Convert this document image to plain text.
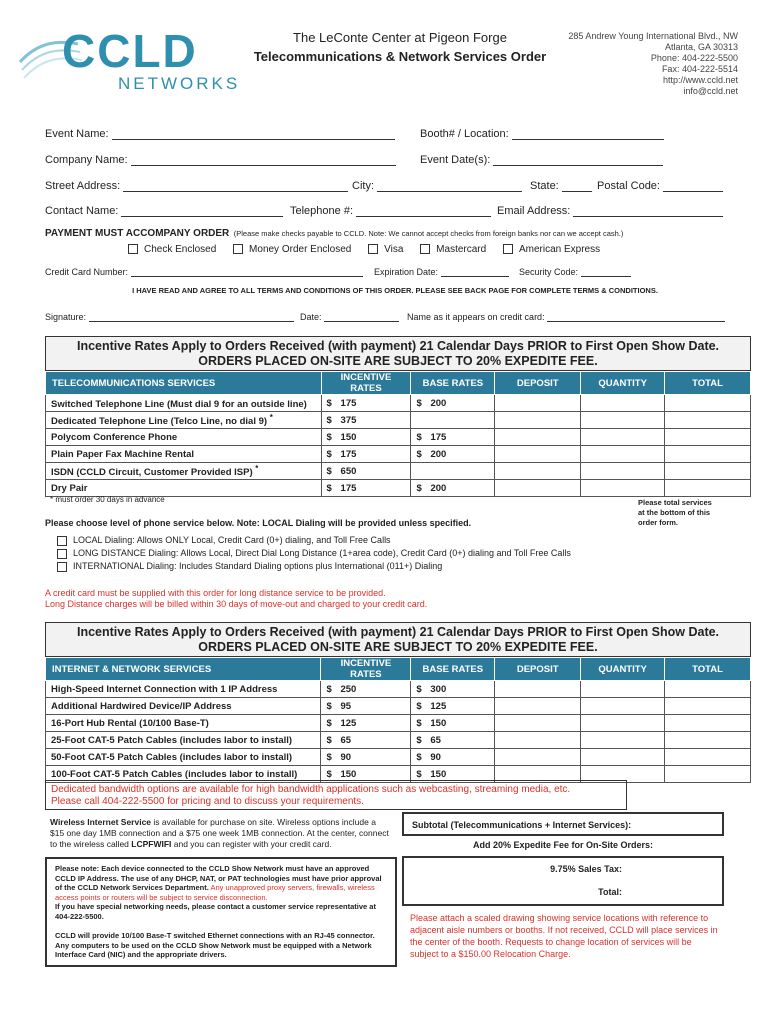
CCLD
NETWORKS
The LeConte Center at Pigeon Forge
Telecommunications & Network Services Order
285 Andrew Young International Blvd., NW
Atlanta, GA 30313
Phone: 404-222-5500
Fax: 404-222-5514
http://www.ccld.net
info@ccld.net
Event Name:	Booth# / Location:
Company Name:	Event Date(s):
Street Address:	City:	State:	Postal Code:
Contact Name:	Telephone #:	Email Address:
PAYMENT MUST ACCOMPANY ORDER (Please make checks payable to CCLD. Note: We cannot accept checks from foreign banks nor can we accept cash.)
Check Enclosed	Money Order Enclosed	Visa	Mastercard	American Express
Credit Card Number:	Expiration Date:	Security Code:
I HAVE READ AND AGREE TO ALL TERMS AND CONDITIONS OF THIS ORDER. PLEASE SEE BACK PAGE FOR COMPLETE TERMS & CONDITIONS.
Signature:	Date:	Name as it appears on credit card:
Incentive Rates Apply to Orders Received (with payment) 21 Calendar Days PRIOR to First Open Show Date.
ORDERS PLACED ON-SITE ARE SUBJECT TO 20% EXPEDITE FEE.
TELECOMMUNICATIONS SERVICES	INCENTIVE RATES	BASE RATES	DEPOSIT	QUANTITY	TOTAL
Switched Telephone Line (Must dial 9 for an outside line)	$ 175	$ 200			
Dedicated Telephone Line (Telco Line, no dial 9) *	$ 375				
Polycom Conference Phone	$ 150	$ 175			
Plain Paper Fax Machine Rental	$ 175	$ 200			
ISDN (CCLD Circuit, Customer Provided ISP) *	$ 650				
Dry Pair	$ 175	$ 200			
* must order 30 days in advance	Please total services at the bottom of this order form.
Please choose level of phone service below. Note: LOCAL Dialing will be provided unless specified.
LOCAL Dialing: Allows ONLY Local, Credit Card (0+) dialing, and Toll Free Calls
LONG DISTANCE Dialing: Allows Local, Direct Dial Long Distance (1+area code), Credit Card (0+) dialing and Toll Free Calls
INTERNATIONAL Dialing: Includes Standard Dialing options plus International (011+) Dialing
A credit card must be supplied with this order for long distance service to be provided.
Long Distance charges will be billed within 30 days of move-out and charged to your credit card.
Incentive Rates Apply to Orders Received (with payment) 21 Calendar Days PRIOR to First Open Show Date.
ORDERS PLACED ON-SITE ARE SUBJECT TO 20% EXPEDITE FEE.
INTERNET & NETWORK SERVICES	INCENTIVE RATES	BASE RATES	DEPOSIT	QUANTITY	TOTAL
High-Speed Internet Connection with 1 IP Address	$ 250	$ 300			
Additional Hardwired Device/IP Address	$ 95	$ 125			
16-Port Hub Rental (10/100 Base-T)	$ 125	$ 150			
25-Foot CAT-5 Patch Cables (includes labor to install)	$ 65	$ 65			
50-Foot CAT-5 Patch Cables (includes labor to install)	$ 90	$ 90			
100-Foot CAT-5 Patch Cables (includes labor to install)	$ 150	$ 150			
Dedicated bandwidth options are available for high bandwidth applications such as webcasting, streaming media, etc.
Please call 404-222-5500 for pricing and to discuss your requirements.
Wireless Internet Service is available for purchase on site. Wireless options include a $15 one day 1MB connection and a $75 one week 1MB connection. At the center, connect to the wireless called LCPFWIFI and you can register with your credit card.
Please note: Each device connected to the CCLD Show Network must have an approved CCLD IP Address. The use of any DHCP, NAT, or PAT technologies must have prior approval of the CCLD Network Services Department. Any unapproved proxy servers, firewalls, wireless access points or routers will be subject to service disconnection.
If you have special networking needs, please contact a customer service representative at 404-222-5500.
CCLD will provide 10/100 Base-T switched Ethernet connections with an RJ-45 connector. Any computers to be used on the CCLD Show Network must be equipped with a Network Interface Card (NIC) and the appropriate drivers.
Subtotal (Telecommunications + Internet Services):
Add 20% Expedite Fee for On-Site Orders:
9.75% Sales Tax:
Total:
Please attach a scaled drawing showing service locations with reference to adjacent aisle numbers or booths. If not received, CCLD will place services in the center of the booth. Requests to change location of services will be subject to a $150.00 Relocation Charge.
